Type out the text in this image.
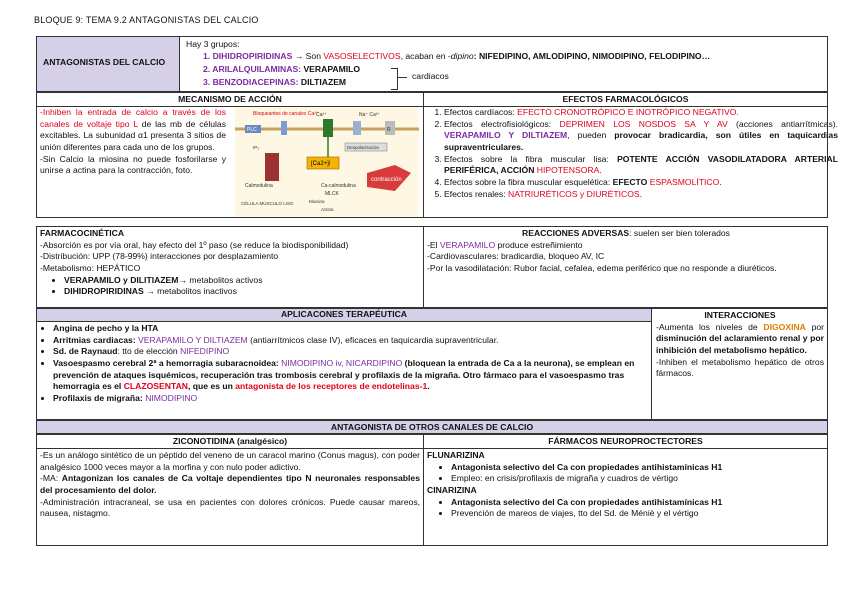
BLOQUE 9: TEMA 9.2 ANTAGONISTAS DEL CALCIO
ANTAGONISTAS DEL CALCIO
Hay 3 grupos:
1. DIHIDROPIRIDINAS → Son VASOSELECTIVOS, acaban en -dipino: NIFEDIPINO, AMLODIPINO, NIMODIPINO, FELODIPINO…
2. ARILALQUILAMINAS: VERAPAMILO
3. BENZODIACEPINAS: DILTIAZEM
cardiacos
MECANISMO DE ACCIÓN	EFECTOS FARMACOLÓGICOS
-Inhiben la entrada de calcio a través de los canales de voltaje tipo L de las mb de células excitables. La subunidad α1 presenta 3 sitios de unión diferentes para cada uno de los grupos.
-Sin Calcio la miosina no puede fosforilarse y unirse a actina para la contracción, foto.
Bloqueantes de canales Ca²⁺
Ca²⁺	Na⁺ Ca²⁺
R
PLC
IP₃	Despolarización
[Ca2+]i
Calmodulina	Ca-calmodulina
MLCK
Miosina
Actina
contracción
CÉLULA MÚSCULO LISO
1. Efectos cardíacos: EFECTO CRONOTRÓPICO E INOTRÓPICO NEGATIVO.
2. Efectos electrofisiológicos: DEPRIMEN LOS NOSDOS SA Y AV (acciones antiarrítmicas). VERAPAMILO Y DILTIAZEM, pueden provocar bradicardia, son útiles en taquicardias supraventriculares.
3. Efectos sobre la fibra muscular lisa: POTENTE ACCIÓN VASODILATADORA ARTERIAL PERIFÉRICA, ACCIÓN HIPOTENSORA.
4. Efectos sobre la fibra muscular esquelética: EFECTO ESPASMOLÍTICO.
5. Efectos renales: NATRIURÉTICOS y DIURÉTICOS.
FARMACOCINÉTICA
-Absorción es por vía oral, hay efecto del 1º paso (se reduce la biodisponibilidad)
-Distribución: UPP (78-99%) interacciones por desplazamiento
-Metabolismo: HEPÁTICO
• VERAPAMILO y DILITIAZEM→ metabolitos activos
• DIHIDROPIRIDINAS → metabolitos inactivos
REACCIONES ADVERSAS: suelen ser bien tolerados
-El VERAPAMILO produce estreñimiento
-Cardiovasculares: bradicardia, bloqueo AV, IC
-Por la vasodilatación: Rubor facial, cefalea, edema periférico que no responde a diuréticos.
APLICACONES TERAPÉUTICA
• Angina de pecho y la HTA
• Arritmias cardiacas: VERAPAMILO Y DILTIAZEM (antiarrítmicos clase IV), eficaces en taquicardia supraventricular.
• Sd. de Raynaud: tto de elección NIFEDIPINO
• Vasoespasmo cerebral 2ª a hemorragia subaracnoidea: NIMODIPINO iv, NICARDIPINO (bloquean la entrada de Ca a la neurona), se emplean en prevención de ataques isquémicos, recuperación tras trombosis cerebral y profilaxis de la migraña. Otro fármaco para el vasoespasmo tras hemorragia es el CLAZOSENTAN, que es un antagonista de los receptores de endotelinas-1.
• Profilaxis de migraña: NIMODIPINO
INTERACCIONES
-Aumenta los niveles de DIGOXINA por disminución del aclaramiento renal y por inhibición del metabolismo hepático.
-Inhiben el metabolismo hepático de otros fármacos.
ANTAGONISTA DE OTROS CANALES DE CALCIO
ZICONOTIDINA (analgésico)
-Es un análogo sintético de un péptido del veneno de un caracol marino (Conus magus), con poder analgésico 1000 veces mayor a la morfina y con nulo poder adictivo.
-MA: Antagonizan los canales de Ca voltaje dependientes tipo N neuronales responsables del procesamiento del dolor.
-Administración intracraneal, se usa en pacientes con dolores crónicos. Puede causar mareos, nausea, nistagmo.
FÁRMACOS NEUROPROCTECTORES
FLUNARIZINA
• Antagonista selectivo del Ca con propiedades antihistamínicas H1
• Empleo: en crisis/profilaxis de migraña y cuadros de vértigo
CINARIZINA
• Antagonista selectivo del Ca con propiedades antihistamínicas H1
• Prevención de mareos de viajes, tto del Sd. de Méniè y el vértigo
